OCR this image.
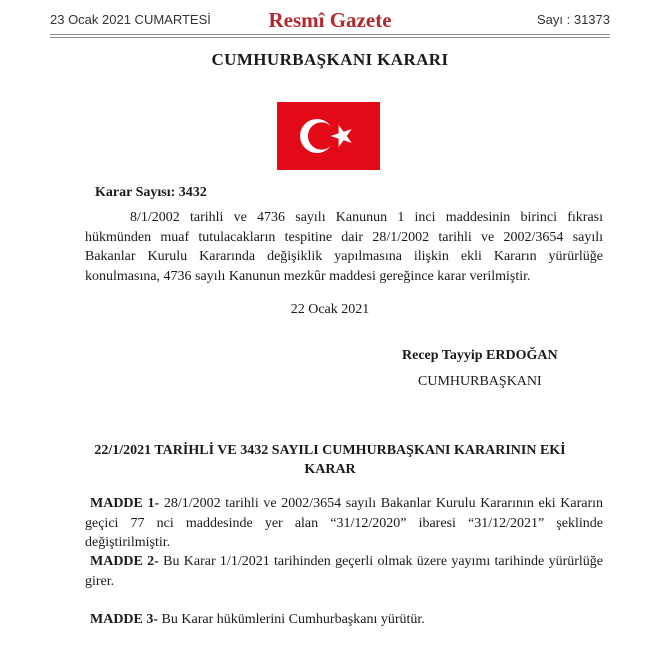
23 Ocak 2021 CUMARTESİ	Resmî Gazete	Sayı : 31373
CUMHURBAŞKANI KARARI
Karar Sayısı: 3432
8/1/2002 tarihli ve 4736 sayılı Kanunun 1 inci maddesinin birinci fıkrası hükmünden muaf tutulacakların tespitine dair 28/1/2002 tarihli ve 2002/3654 sayılı Bakanlar Kurulu Kararında değişiklik yapılmasına ilişkin ekli Kararın yürürlüğe konulmasına, 4736 sayılı Kanunun mezkûr maddesi gereğince karar verilmiştir.
22 Ocak 2021
Recep Tayyip ERDOĞAN
CUMHURBAŞKANI
22/1/2021 TARİHLİ VE 3432 SAYILI CUMHURBAŞKANI KARARININ EKİ
KARAR
MADDE 1- 28/1/2002 tarihli ve 2002/3654 sayılı Bakanlar Kurulu Kararının eki Kararın geçici 77 nci maddesinde yer alan “31/12/2020” ibaresi “31/12/2021” şeklinde değiştirilmiştir.
MADDE 2- Bu Karar 1/1/2021 tarihinden geçerli olmak üzere yayımı tarihinde yürürlüğe girer.
MADDE 3- Bu Karar hükümlerini Cumhurbaşkanı yürütür.
